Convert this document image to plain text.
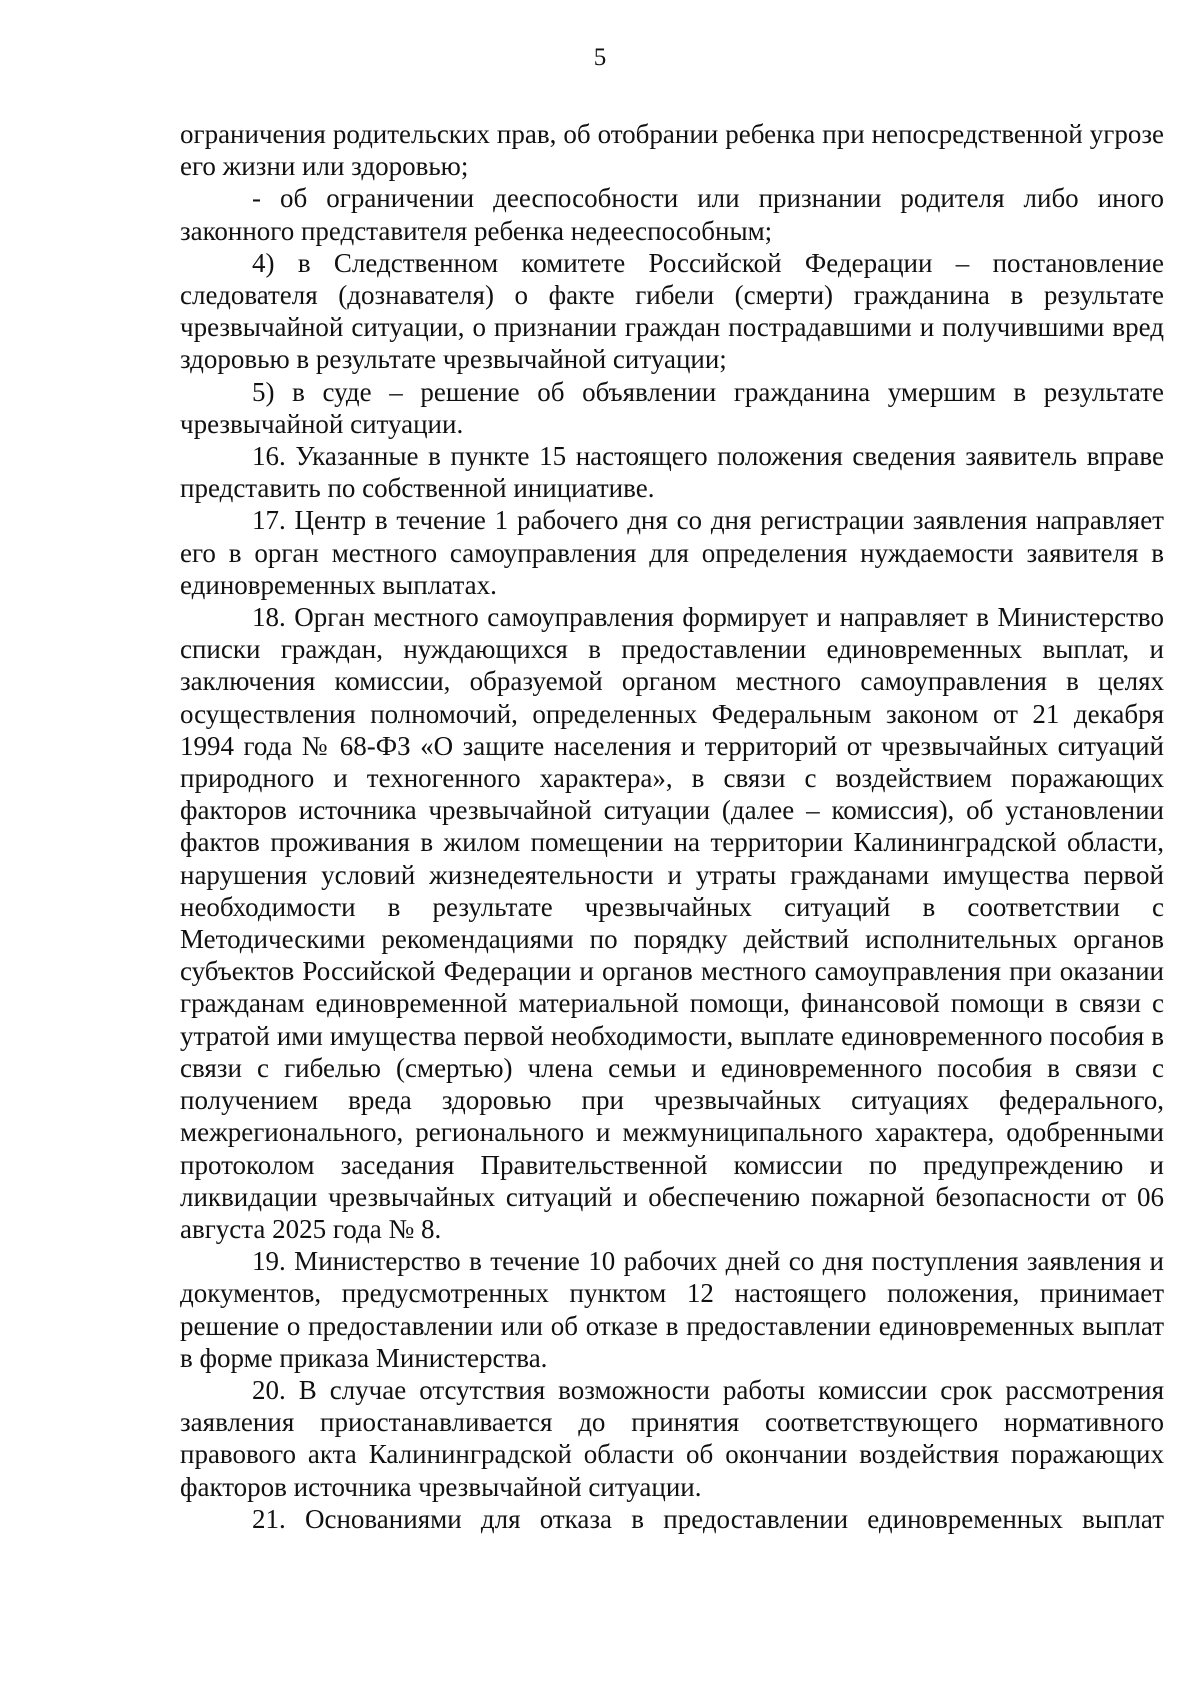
5

ограничения родительских прав, об отобрании ребенка при непосредственной угрозе его жизни или здоровью;

- об ограничении дееспособности или признании родителя либо иного законного представителя ребенка недееспособным;

4) в Следственном комитете Российской Федерации – постановление следователя (дознавателя) о факте гибели (смерти) гражданина в результате чрезвычайной ситуации, о признании граждан пострадавшими и получившими вред здоровью в результате чрезвычайной ситуации;

5) в суде – решение об объявлении гражданина умершим в результате чрезвычайной ситуации.

16. Указанные в пункте 15 настоящего положения сведения заявитель вправе представить по собственной инициативе.

17. Центр в течение 1 рабочего дня со дня регистрации заявления направляет его в орган местного самоуправления для определения нуждаемости заявителя в единовременных выплатах.

18. Орган местного самоуправления формирует и направляет в Министерство списки граждан, нуждающихся в предоставлении единовременных выплат, и заключения комиссии, образуемой органом местного самоуправления в целях осуществления полномочий, определенных Федеральным законом от 21 декабря 1994 года № 68-ФЗ «О защите населения и территорий от чрезвычайных ситуаций природного и техногенного характера», в связи с воздействием поражающих факторов источника чрезвычайной ситуации (далее – комиссия), об установлении фактов проживания в жилом помещении на территории Калининградской области, нарушения условий жизнедеятельности и утраты гражданами имущества первой необходимости в результате чрезвычайных ситуаций в соответствии с Методическими рекомендациями по порядку действий исполнительных органов субъектов Российской Федерации и органов местного самоуправления при оказании гражданам единовременной материальной помощи, финансовой помощи в связи с утратой ими имущества первой необходимости, выплате единовременного пособия в связи с гибелью (смертью) члена семьи и единовременного пособия в связи с получением вреда здоровью при чрезвычайных ситуациях федерального, межрегионального, регионального и межмуниципального характера, одобренными протоколом заседания Правительственной комиссии по предупреждению и ликвидации чрезвычайных ситуаций и обеспечению пожарной безопасности от 06 августа 2025 года № 8.

19. Министерство в течение 10 рабочих дней со дня поступления заявления и документов, предусмотренных пунктом 12 настоящего положения, принимает решение о предоставлении или об отказе в предоставлении единовременных выплат в форме приказа Министерства.

20. В случае отсутствия возможности работы комиссии срок рассмотрения заявления приостанавливается до принятия соответствующего нормативного правового акта Калининградской области об окончании воздействия поражающих факторов источника чрезвычайной ситуации.

21. Основаниями для отказа в предоставлении единовременных выплат
